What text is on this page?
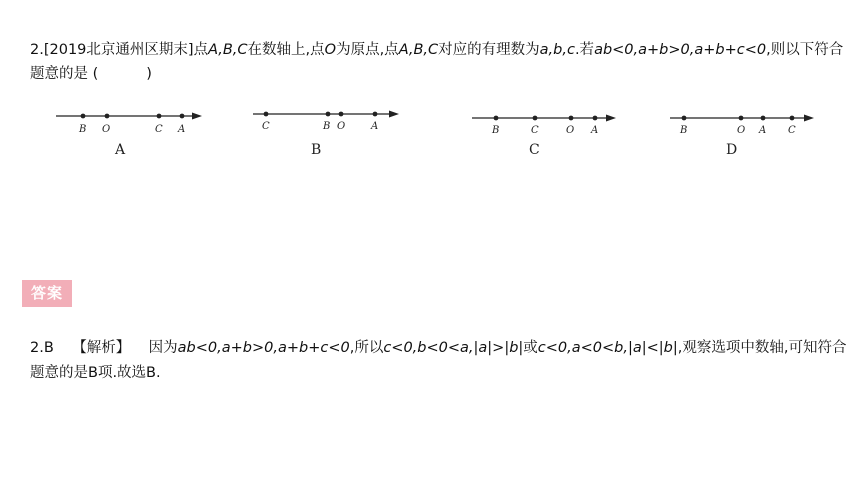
2.[2019北京通州区期末]点A,B,C在数轴上,点O为原点,点A,B,C对应的有理数为a,b,c.若ab<0,a+b>0,a+b+c<0,则以下符合题意的是 (	)
B O	C A
A
C	B O	A
B
B	C	O A
C
B	O A C
D
答案
2.B 【解析】 因为ab<0,a+b>0,a+b+c<0,所以c<0,b<0<a,|a|>|b|或c<0,a<0<b,|a|<|b|,观察选项中数轴,可知符合题意的是B项.故选B.
